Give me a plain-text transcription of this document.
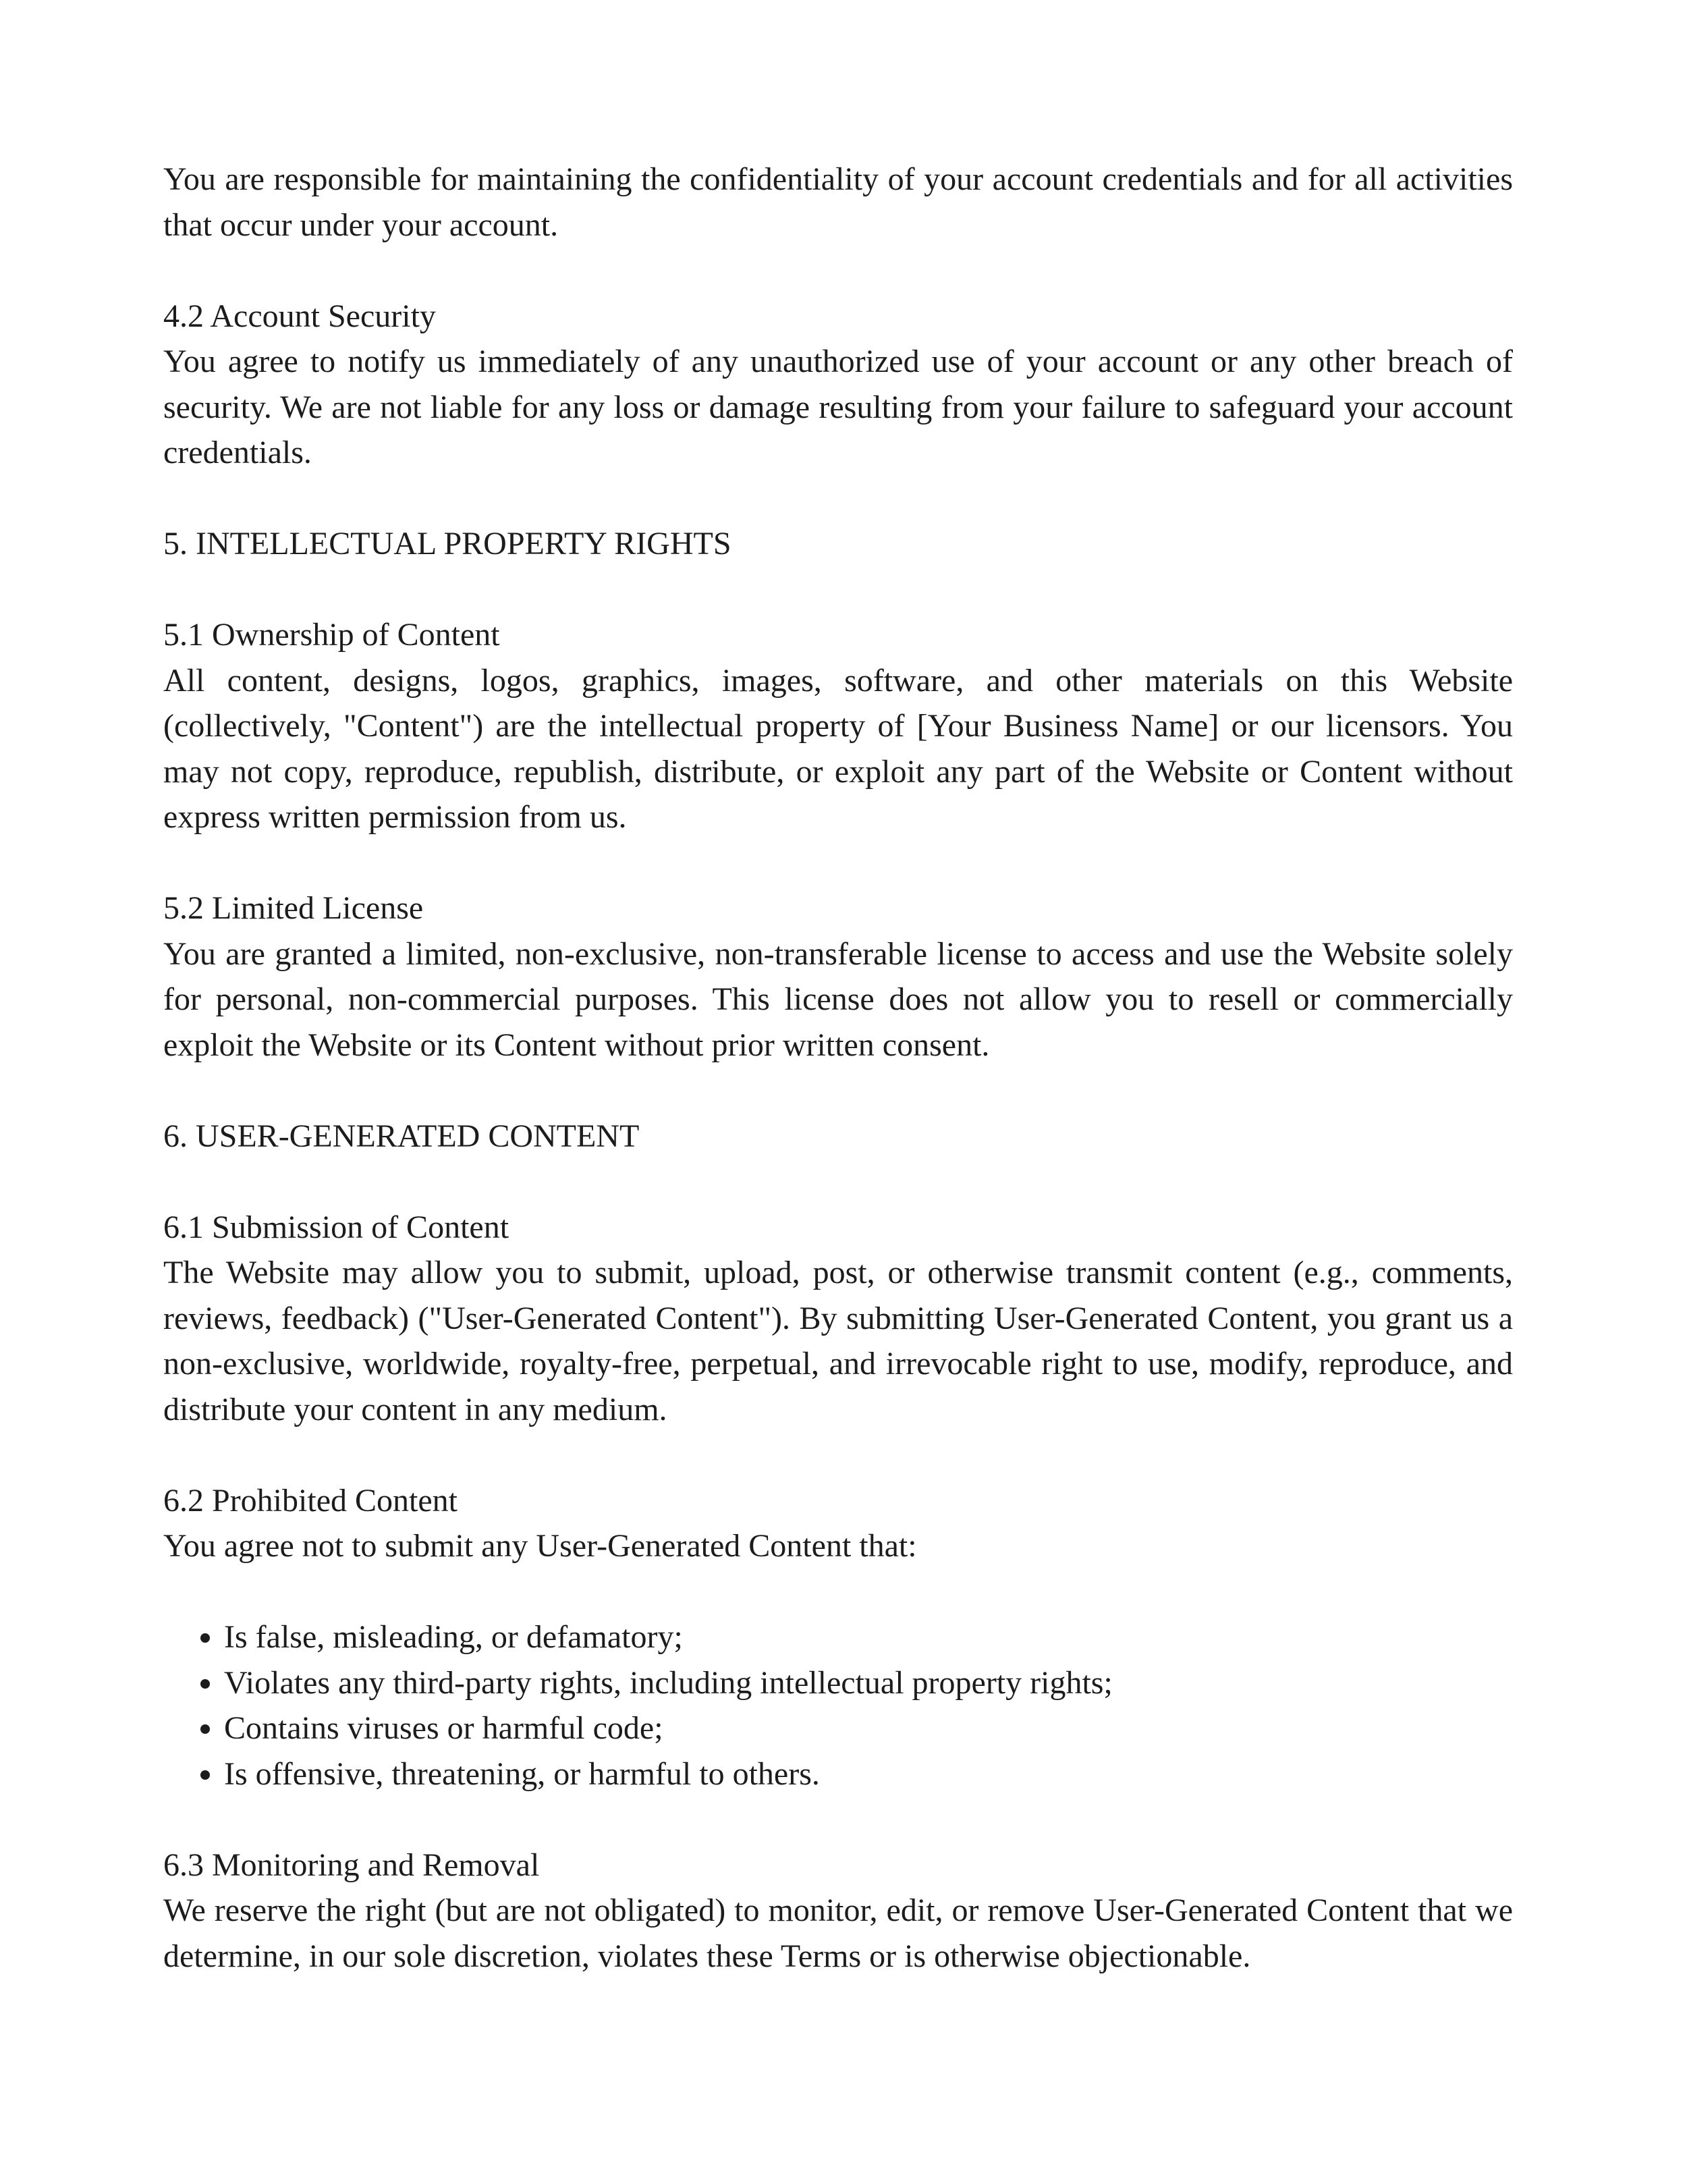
You are responsible for maintaining the confidentiality of your account credentials and for all activities that occur under your account.

4.2 Account Security

You agree to notify us immediately of any unauthorized use of your account or any other breach of security. We are not liable for any loss or damage resulting from your failure to safeguard your account credentials.

5. INTELLECTUAL PROPERTY RIGHTS

5.1 Ownership of Content

All content, designs, logos, graphics, images, software, and other materials on this Website (collectively, "Content") are the intellectual property of [Your Business Name] or our licensors. You may not copy, reproduce, republish, distribute, or exploit any part of the Website or Content without express written permission from us.

5.2 Limited License

You are granted a limited, non-exclusive, non-transferable license to access and use the Website solely for personal, non-commercial purposes. This license does not allow you to resell or commercially exploit the Website or its Content without prior written consent.

6. USER-GENERATED CONTENT

6.1 Submission of Content

The Website may allow you to submit, upload, post, or otherwise transmit content (e.g., comments, reviews, feedback) ("User-Generated Content"). By submitting User-Generated Content, you grant us a non-exclusive, worldwide, royalty-free, perpetual, and irrevocable right to use, modify, reproduce, and distribute your content in any medium.

6.2 Prohibited Content

You agree not to submit any User-Generated Content that:

• Is false, misleading, or defamatory;
• Violates any third-party rights, including intellectual property rights;
• Contains viruses or harmful code;
• Is offensive, threatening, or harmful to others.

6.3 Monitoring and Removal

We reserve the right (but are not obligated) to monitor, edit, or remove User-Generated Content that we determine, in our sole discretion, violates these Terms or is otherwise objectionable.
